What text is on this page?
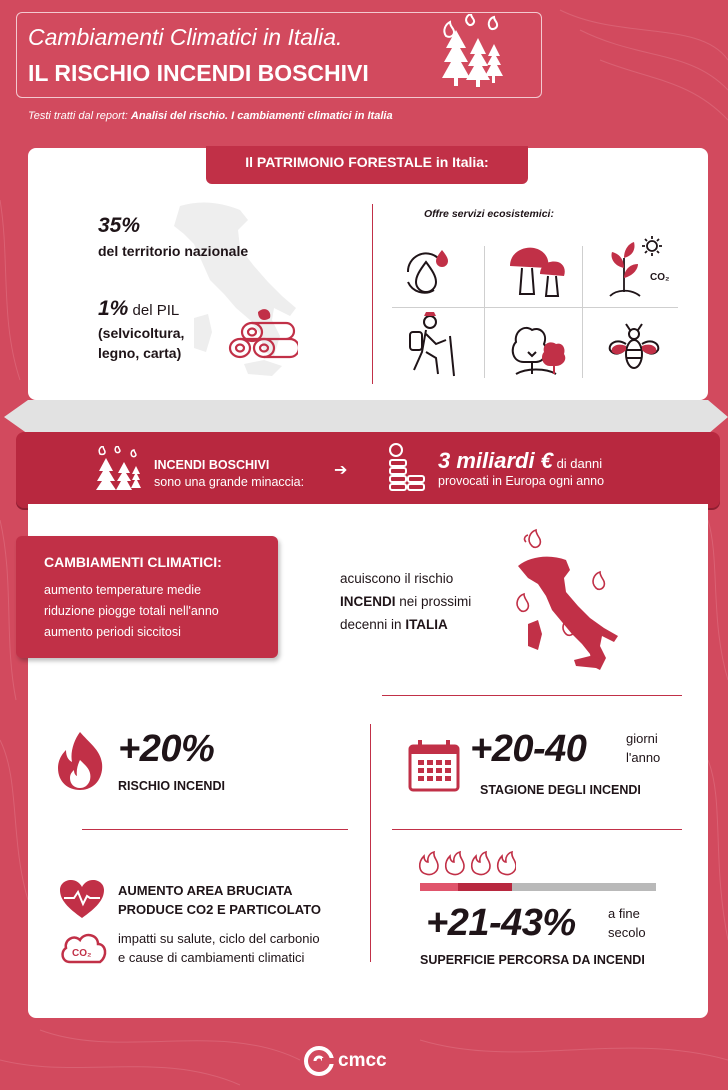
Cambiamenti Climatici in Italia.
IL RISCHIO INCENDI BOSCHIVI
Testi tratti dal report: Analisi del rischio. I cambiamenti climatici in Italia
Il PATRIMONIO FORESTALE in Italia:
35%
del territorio nazionale
1% del PIL
(selvicoltura,
legno, carta)
Offre servizi ecosistemici:
CO₂
INCENDI BOSCHIVI
sono una grande minaccia:
➔	3 miliardi € di danni
provocati in Europa ogni anno
CAMBIAMENTI CLIMATICI:
aumento temperature medie
riduzione piogge totali nell'anno
aumento periodi siccitosi
acuiscono il rischio
INCENDI nei prossimi
decenni in ITALIA
+20%
RISCHIO INCENDI
+20-40	giorni
l'anno
STAGIONE DEGLI INCENDI
AUMENTO AREA BRUCIATA
PRODUCE CO2 E PARTICOLATO
CO₂
impatti su salute, ciclo del carbonio
e cause di cambiamenti climatici
+21-43% a fine
secolo
SUPERFICIE PERCORSA DA INCENDI
cmcc
